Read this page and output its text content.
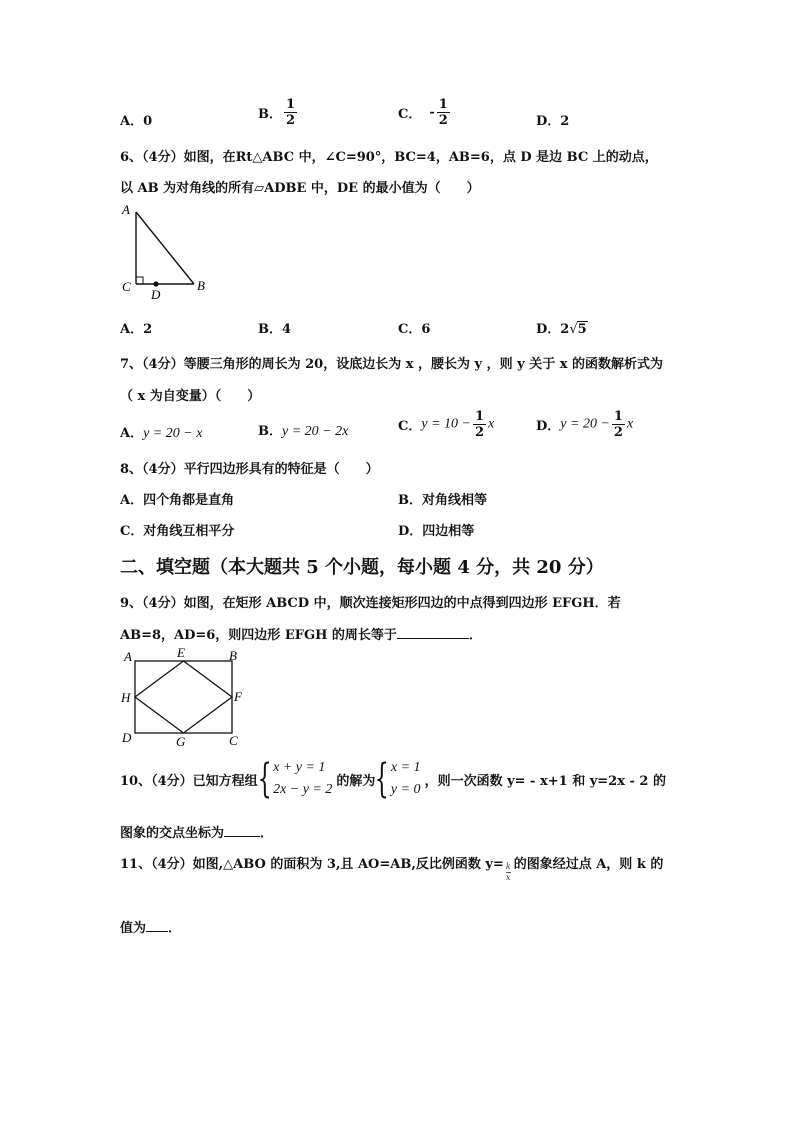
A．0	B． $\frac{1}{2}$	C． - $\frac{1}{2}$	D．2
6、（4分）如图，在Rt△ABC 中，∠C=90°，BC=4，AB=6，点 D 是边 BC 上的动点，
以 AB 为对角线的所有▱ADBE 中，DE 的最小值为（　　）
A
C
D
B
A．2	B．4	C．6	D．2√5
7、（4分）等腰三角形的周长为 20，设底边长为 x ，腰长为 y ，则 y 关于 x 的函数解析式为
（ x 为自变量）（　　）
A．y = 20 − x	B．y = 20 − 2x	C．$y = 10 - \frac{1}{2}$ x	D．$y = 20 - \frac{1}{2}$ x
8、（4分）平行四边形具有的特征是（　　）
A．四个角都是直角	B．对角线相等
C．对角线互相平分	D．四边相等
二、填空题（本大题共 5 个小题，每小题 4 分，共 20 分）
9、（4分）如图，在矩形 ABCD 中，顺次连接矩形四边的中点得到四边形 EFGH．若
AB=8，AD=6，则四边形 EFGH 的周长等于	．
A	E	B
H	F
D	G	C
10、（4分）已知方程组 { x + y = 1
2x − y = 2
的解为 { x = 1
y = 0
，则一次函数 y= - x+1 和 y=2x - 2 的
图象的交点坐标为	．
11、（4分）如图,△ABO 的面积为 3,且 AO=AB,反比例函数 $y= \frac{k}{x}$ 的图象经过点 A，则 k 的
值为 ．
